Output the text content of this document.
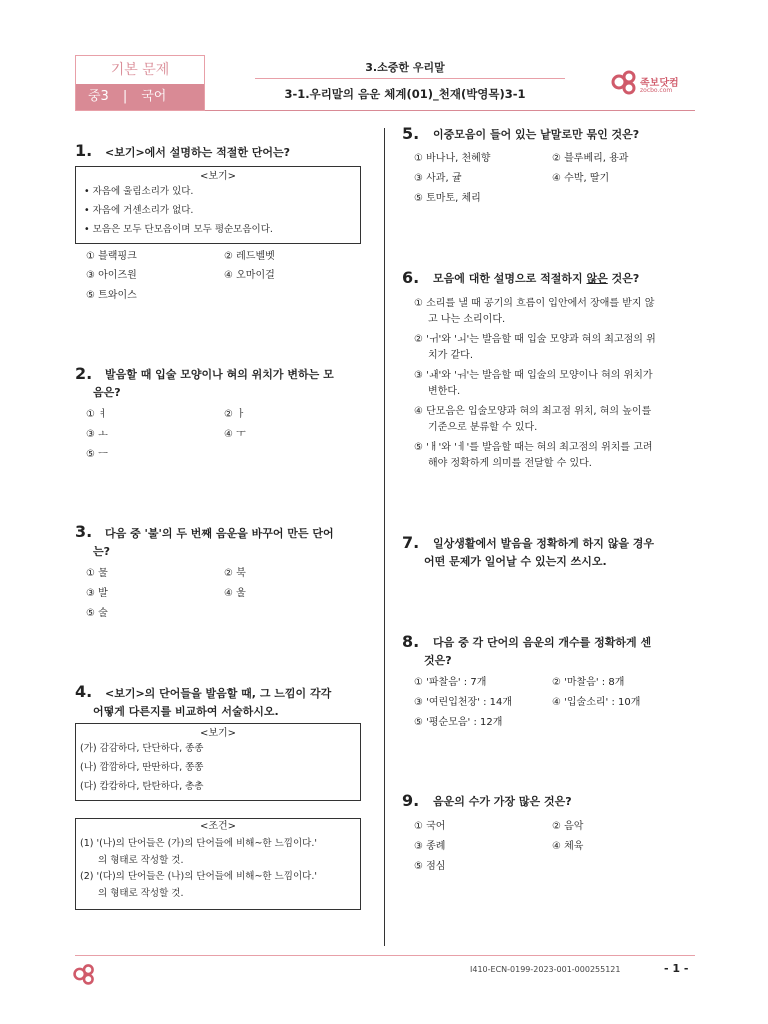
기본 문제
중3 | 국어
3.소중한 우리말
3-1.우리말의 음운 체계(01)_천재(박영목)3-1
족보닷컴
zocbo.com
1. <보기>에서 설명하는 적절한 단어는?
<보기>
• 자음에 울림소리가 있다.
• 자음에 거센소리가 없다.
• 모음은 모두 단모음이며 모두 평순모음이다.
① 블랙핑크	② 레드벨벳
③ 아이즈원	④ 오마이걸
⑤ 트와이스
2. 발음할 때 입술 모양이나 혀의 위치가 변하는 모
음은?
① ㅕ	② ㅏ
③ ㅗ	④ ㅜ
⑤ ㅡ
3. 다음 중 '불'의 두 번째 음운을 바꾸어 만든 단어
는?
① 물	② 북
③ 발	④ 울
⑤ 술
4. <보기>의 단어들을 발음할 때, 그 느낌이 각각
어떻게 다른지를 비교하여 서술하시오.
<보기>
(가) 감감하다, 단단하다, 종종
(나) 깜깜하다, 딴딴하다, 쫑쫑
(다) 캄캄하다, 탄탄하다, 총총
<조건>
(1) '(나)의 단어들은 (가)의 단어들에 비해~한 느낌이다.'
의 형태로 작성할 것.
(2) '(다)의 단어들은 (나)의 단어들에 비해~한 느낌이다.'
의 형태로 작성할 것.
5. 이중모음이 들어 있는 낱말로만 묶인 것은?
① 바나나, 천혜향	② 블루베리, 용과
③ 사과, 귤	④ 수박, 딸기
⑤ 토마토, 체리
6. 모음에 대한 설명으로 적절하지 않은 것은?
① 소리를 낼 때 공기의 흐름이 입안에서 장애를 받지 않
고 나는 소리이다.
② 'ㅟ'와 'ㅚ'는 발음할 때 입술 모양과 혀의 최고점의 위
치가 같다.
③ 'ㅙ'와 'ㅝ'는 발음할 때 입술의 모양이나 혀의 위치가
변한다.
④ 단모음은 입술모양과 혀의 최고점 위치, 혀의 높이를
기준으로 분류할 수 있다.
⑤ 'ㅐ'와 'ㅔ'를 발음할 때는 혀의 최고점의 위치를 고려
해야 정확하게 의미를 전달할 수 있다.
7. 일상생활에서 발음을 정확하게 하지 않을 경우
어떤 문제가 일어날 수 있는지 쓰시오.
8. 다음 중 각 단어의 음운의 개수를 정확하게 센
것은?
① '파찰음' : 7개	② '마찰음' : 8개
③ '여린입천장' : 14개	④ '입술소리' : 10개
⑤ '평순모음' : 12개
9. 음운의 수가 가장 많은 것은?
① 국어	② 음악
③ 종례	④ 체육
⑤ 점심
I410-ECN-0199-2023-001-000255121	- 1 -
